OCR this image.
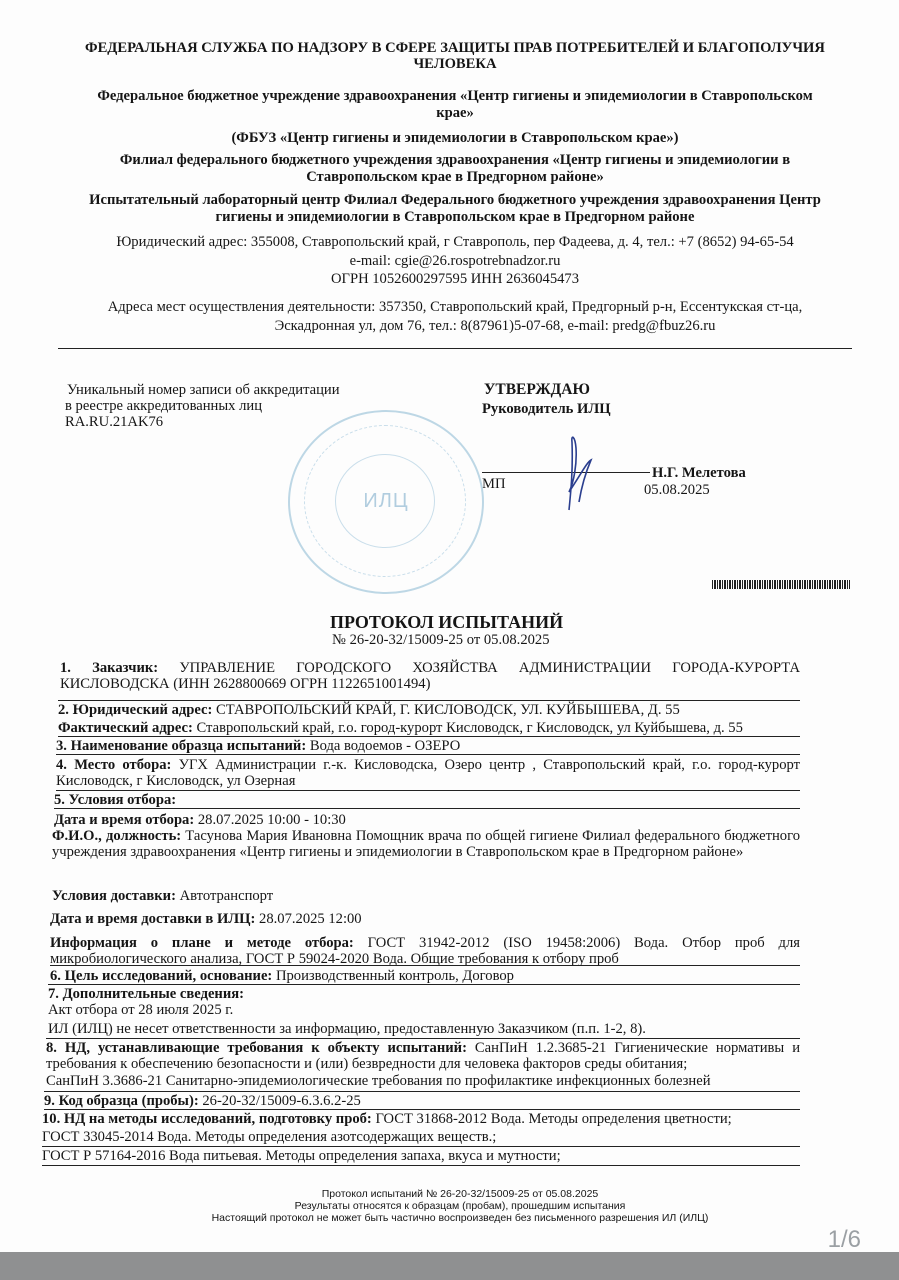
ФЕДЕРАЛЬНАЯ СЛУЖБА ПО НАДЗОРУ В СФЕРЕ ЗАЩИТЫ ПРАВ ПОТРЕБИТЕЛЕЙ И БЛАГОПОЛУЧИЯ
ЧЕЛОВЕКА
Федеральное бюджетное учреждение здравоохранения «Центр гигиены и эпидемиологии в Ставропольском
крае»
(ФБУЗ «Центр гигиены и эпидемиологии в Ставропольском крае»)
Филиал федерального бюджетного учреждения здравоохранения «Центр гигиены и эпидемиологии в
Ставропольском крае в Предгорном районе»
Испытательный лабораторный центр Филиал Федерального бюджетного учреждения здравоохранения Центр
гигиены и эпидемиологии в Ставропольском крае в Предгорном районе
Юридический адрес: 355008, Ставропольский край, г Ставрополь, пер Фадеева, д. 4, тел.: +7 (8652) 94-65-54
e-mail: cgie@26.rospotrebnadzor.ru
ОГРН 1052600297595 ИНН 2636045473
Адреса мест осуществления деятельности: 357350, Ставропольский край, Предгорный р-н, Ессентукская ст-ца,
Эскадронная ул, дом 76, тел.: 8(87961)5-07-68, e-mail: predg@fbuz26.ru
Уникальный номер записи об аккредитации
в реестре аккредитованных лиц
RA.RU.21AK76
УТВЕРЖДАЮ
Руководитель ИЛЦ
Н.Г. Мелетова
МП	05.08.2025
ИЛЦ
ПРОТОКОЛ ИСПЫТАНИЙ
№ 26-20-32/15009-25 от 05.08.2025
1. Заказчик: УПРАВЛЕНИЕ ГОРОДСКОГО ХОЗЯЙСТВА АДМИНИСТРАЦИИ ГОРОДА-КУРОРТА КИСЛОВОДСКА (ИНН 2628800669 ОГРН 1122651001494)
2. Юридический адрес: СТАВРОПОЛЬСКИЙ КРАЙ, Г. КИСЛОВОДСК, УЛ. КУЙБЫШЕВА, Д. 55
Фактический адрес: Ставропольский край, г.о. город-курорт Кисловодск, г Кисловодск, ул Куйбышева, д. 55
3. Наименование образца испытаний: Вода водоемов - ОЗЕРО
4. Место отбора: УГХ Администрации г.-к. Кисловодска, Озеро центр , Ставропольский край, г.о. город-курорт Кисловодск, г Кисловодск, ул Озерная
5. Условия отбора:
Дата и время отбора: 28.07.2025 10:00 - 10:30
Ф.И.О., должность: Тасунова Мария Ивановна Помощник врача по общей гигиене Филиал федерального бюджетного учреждения здравоохранения «Центр гигиены и эпидемиологии в Ставропольском крае в Предгорном районе»
Условия доставки: Автотранспорт
Дата и время доставки в ИЛЦ: 28.07.2025 12:00
Информация о плане и методе отбора: ГОСТ 31942-2012 (ISO 19458:2006) Вода. Отбор проб для микробиологического анализа, ГОСТ Р 59024-2020 Вода. Общие требования к отбору проб
6. Цель исследований, основание: Производственный контроль, Договор
7. Дополнительные сведения:
Акт отбора от 28 июля 2025 г.
ИЛ (ИЛЦ) не несет ответственности за информацию, предоставленную Заказчиком (п.п. 1-2, 8).
8. НД, устанавливающие требования к объекту испытаний: СанПиН 1.2.3685-21 Гигиенические нормативы и требования к обеспечению безопасности и (или) безвредности для человека факторов среды обитания;
СанПиН 3.3686-21 Санитарно-эпидемиологические требования по профилактике инфекционных болезней
9. Код образца (пробы): 26-20-32/15009-6.3.6.2-25
10. НД на методы исследований, подготовку проб: ГОСТ 31868-2012 Вода. Методы определения цветности;
ГОСТ 33045-2014 Вода. Методы определения азотсодержащих веществ.;
ГОСТ Р 57164-2016 Вода питьевая. Методы определения запаха, вкуса и мутности;
Протокол испытаний № 26-20-32/15009-25 от 05.08.2025
Результаты относятся к образцам (пробам), прошедшим испытания
Настоящий протокол не может быть частично воспроизведен без письменного разрешения ИЛ (ИЛЦ)
1/6
